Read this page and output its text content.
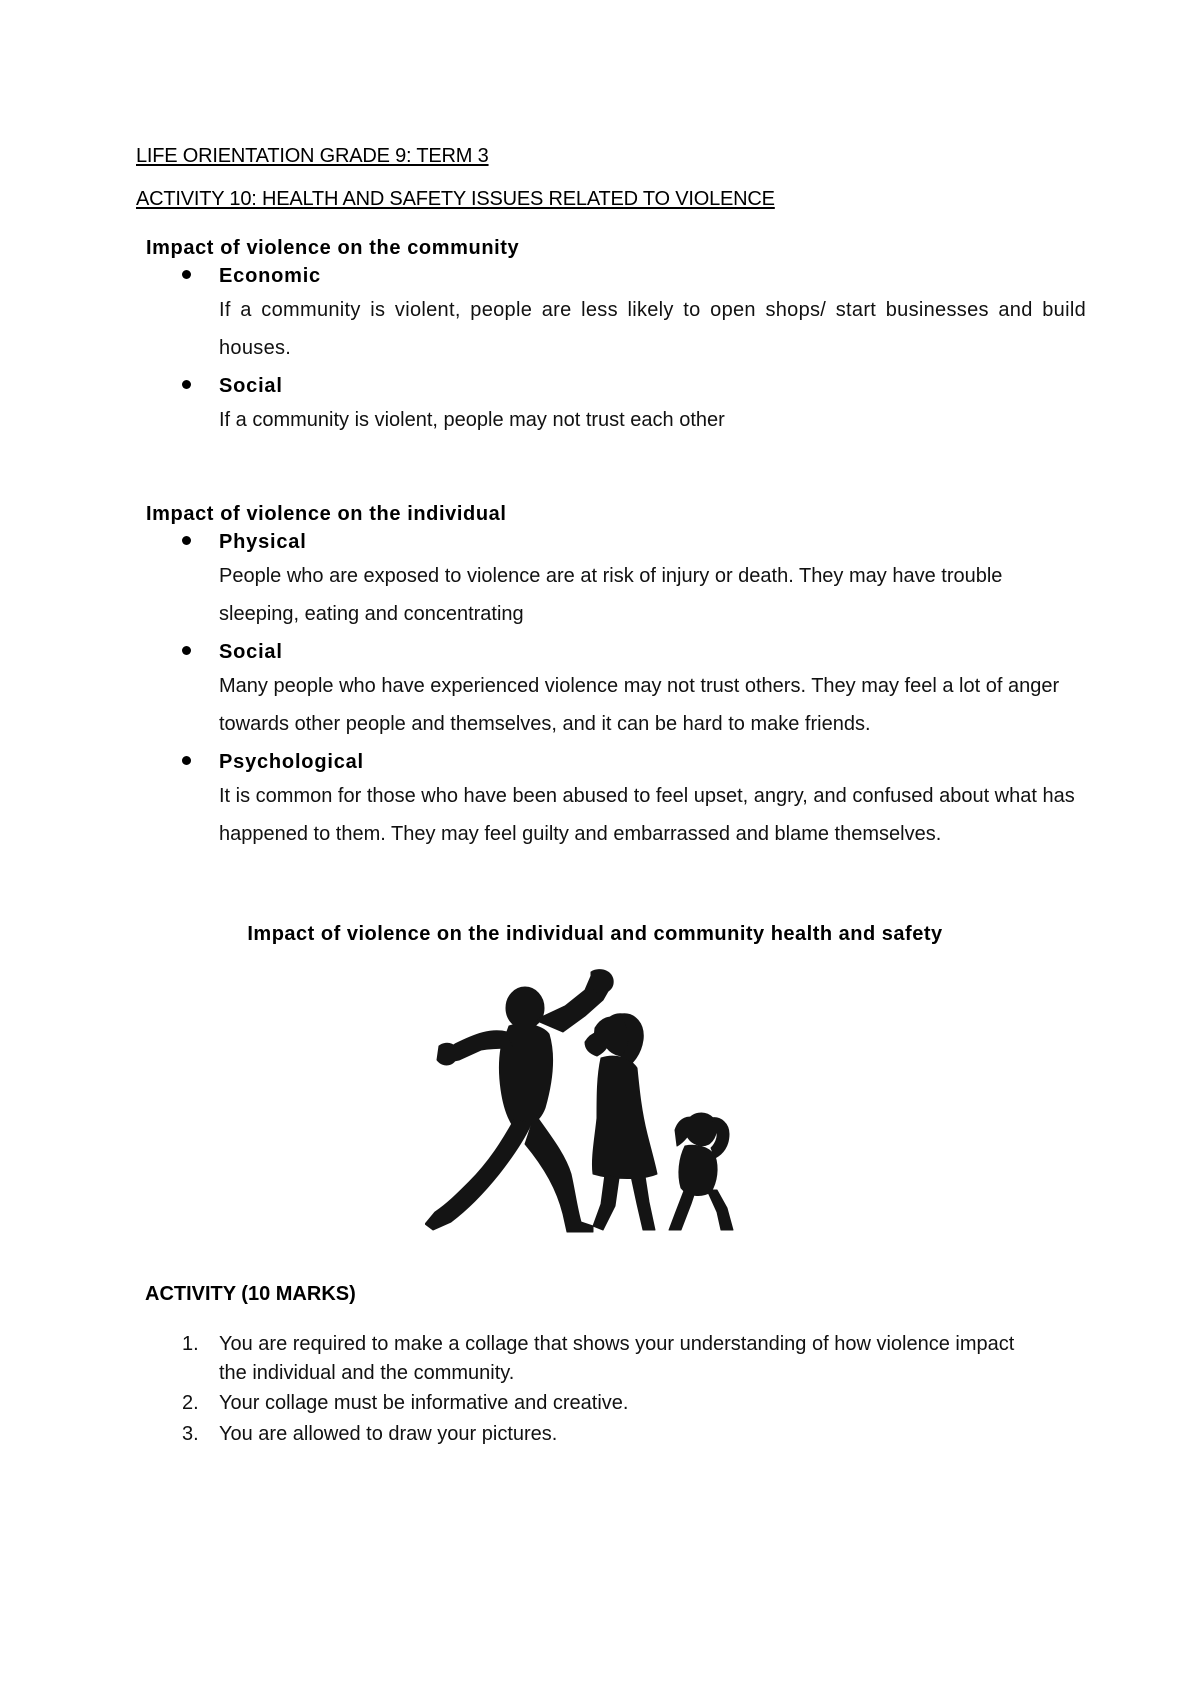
LIFE ORIENTATION GRADE 9: TERM 3
ACTIVITY 10: HEALTH AND SAFETY ISSUES RELATED TO VIOLENCE
Impact of violence on the community
Economic
If a community is violent, people are less likely to open shops/ start businesses and build houses.
Social
If a community is violent, people may not trust each other
Impact of violence on the individual
Physical
People who are exposed to violence are at risk of injury or death. They may have trouble sleeping, eating and concentrating
Social
Many people who have experienced violence may not trust others. They may feel a lot of anger towards other people and themselves, and it can be hard to make friends.
Psychological
It is common for those who have been abused to feel upset, angry, and confused about what has happened to them. They may feel guilty and embarrassed and blame themselves.
Impact of violence on the individual and community health and safety
ACTIVITY (10 MARKS)
1. You are required to make a collage that shows your understanding of how violence impact the individual and the community.
2. Your collage must be informative and creative.
3. You are allowed to draw your pictures.
